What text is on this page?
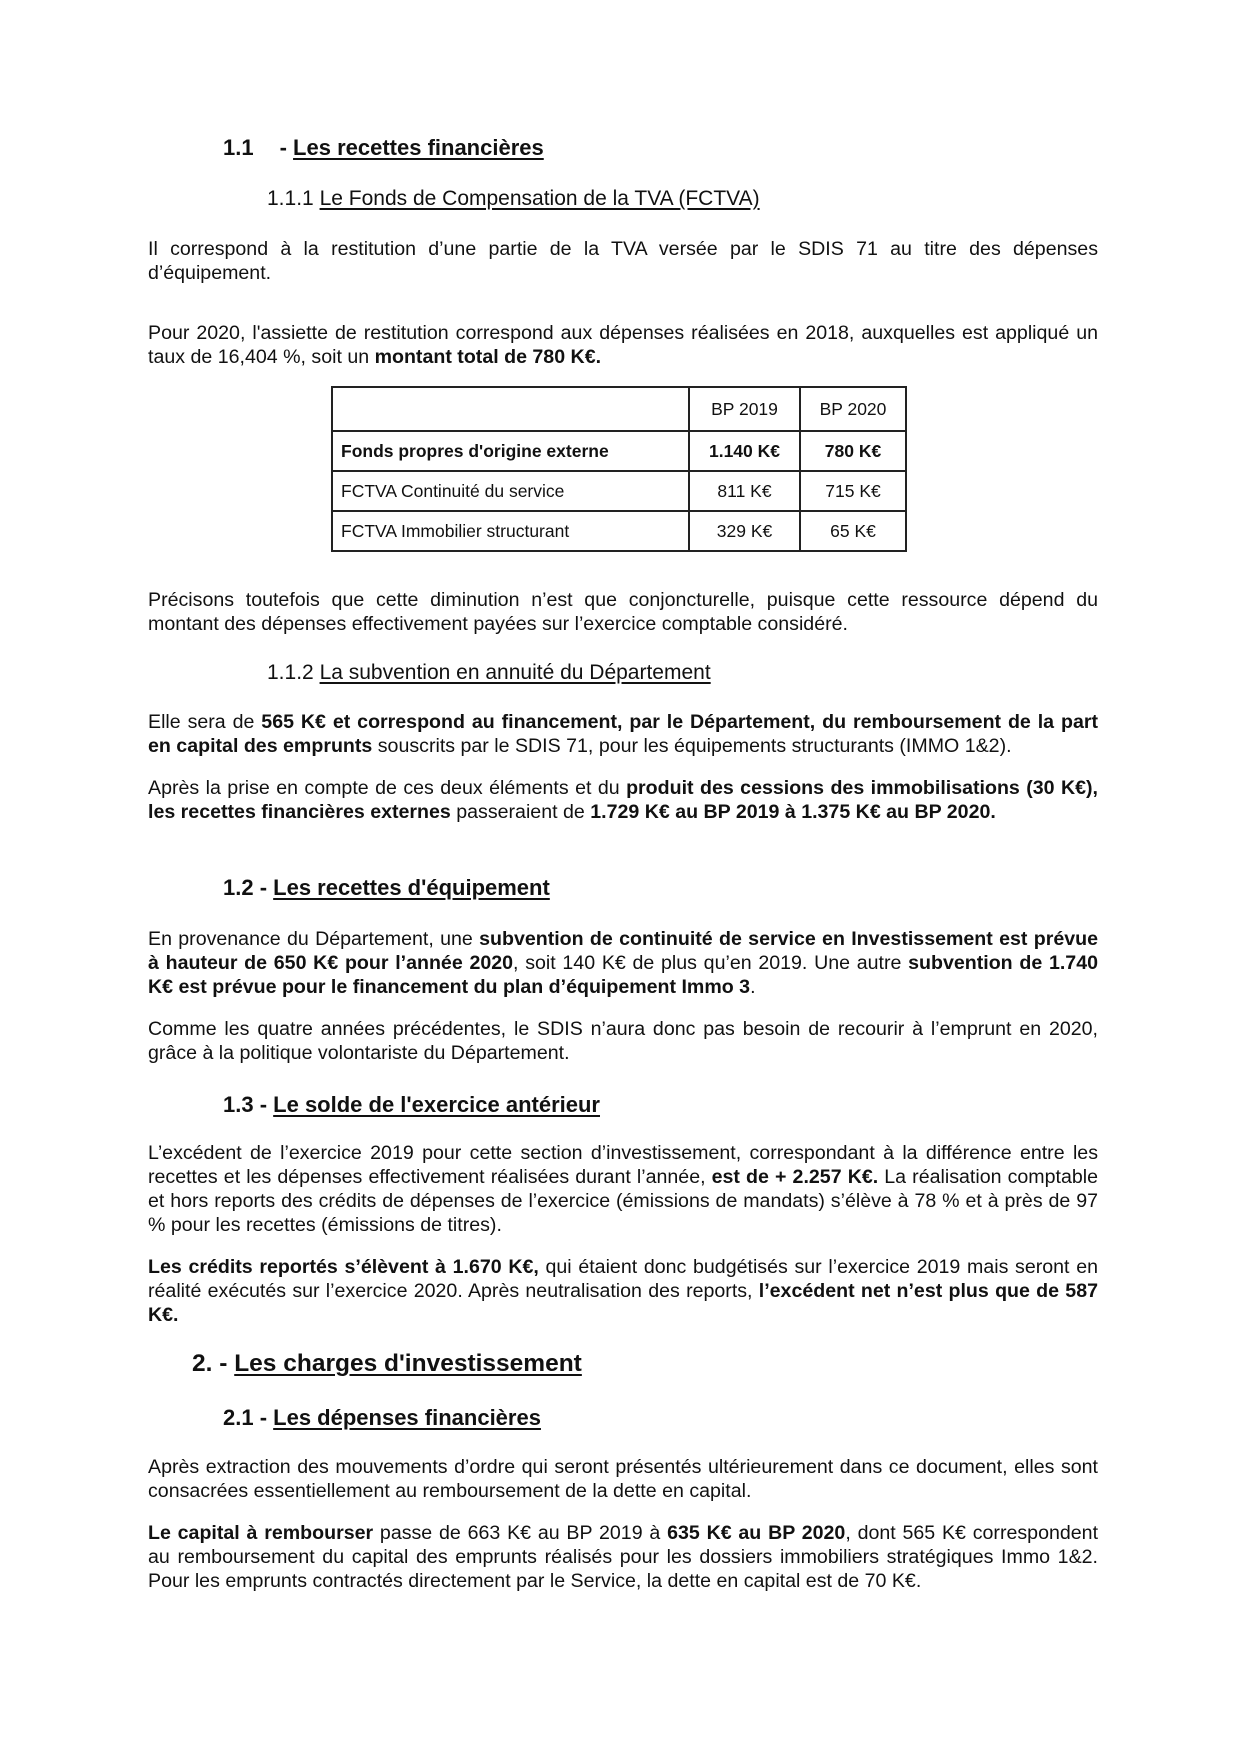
1.1 - Les recettes financières
1.1.1 Le Fonds de Compensation de la TVA (FCTVA)
Il correspond à la restitution d’une partie de la TVA versée par le SDIS 71 au titre des dépenses d’équipement.
Pour 2020, l'assiette de restitution correspond aux dépenses réalisées en 2018, auxquelles est appliqué un taux de 16,404 %, soit un montant total de 780 K€.
	BP 2019	BP 2020
Fonds propres d'origine externe	1.140 K€	780 K€
FCTVA Continuité du service	811 K€	715 K€
FCTVA Immobilier structurant	329 K€	65 K€
Précisons toutefois que cette diminution n’est que conjoncturelle, puisque cette ressource dépend du montant des dépenses effectivement payées sur l’exercice comptable considéré.
1.1.2 La subvention en annuité du Département
Elle sera de 565 K€ et correspond au financement, par le Département, du remboursement de la part en capital des emprunts souscrits par le SDIS 71, pour les équipements structurants (IMMO 1&2).
Après la prise en compte de ces deux éléments et du produit des cessions des immobilisations (30 K€), les recettes financières externes passeraient de 1.729 K€ au BP 2019 à 1.375 K€ au BP 2020.
1.2 - Les recettes d'équipement
En provenance du Département, une subvention de continuité de service en Investissement est prévue à hauteur de 650 K€ pour l’année 2020, soit 140 K€ de plus qu’en 2019. Une autre subvention de 1.740 K€ est prévue pour le financement du plan d’équipement Immo 3.
Comme les quatre années précédentes, le SDIS n’aura donc pas besoin de recourir à l’emprunt en 2020, grâce à la politique volontariste du Département.
1.3 - Le solde de l'exercice antérieur
L’excédent de l’exercice 2019 pour cette section d’investissement, correspondant à la différence entre les recettes et les dépenses effectivement réalisées durant l’année, est de + 2.257 K€. La réalisation comptable et hors reports des crédits de dépenses de l’exercice (émissions de mandats) s’élève à 78 % et à près de 97 % pour les recettes (émissions de titres).
Les crédits reportés s’élèvent à 1.670 K€, qui étaient donc budgétisés sur l’exercice 2019 mais seront en réalité exécutés sur l’exercice 2020. Après neutralisation des reports, l’excédent net n’est plus que de 587 K€.
2. - Les charges d'investissement
2.1 - Les dépenses financières
Après extraction des mouvements d’ordre qui seront présentés ultérieurement dans ce document, elles sont consacrées essentiellement au remboursement de la dette en capital.
Le capital à rembourser passe de 663 K€ au BP 2019 à 635 K€ au BP 2020, dont 565 K€ correspondent au remboursement du capital des emprunts réalisés pour les dossiers immobiliers stratégiques Immo 1&2. Pour les emprunts contractés directement par le Service, la dette en capital est de 70 K€.
